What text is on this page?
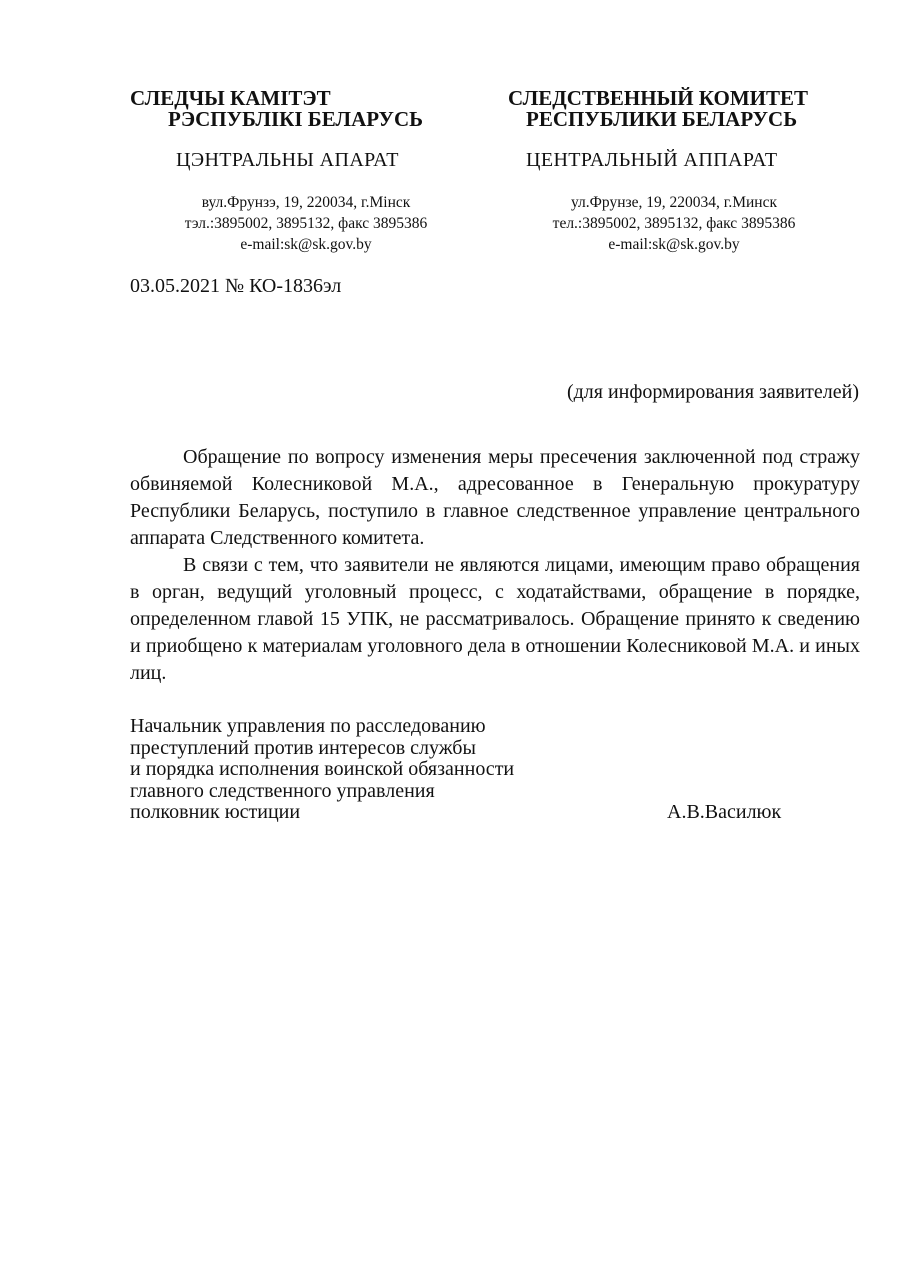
СЛЕДЧЫ КАМІТЭТ
РЭСПУБЛІКІ БЕЛАРУСЬ
ЦЭНТРАЛЬНЫ АПАРАТ
вул.Фрунзэ, 19, 220034, г.Мінск
тэл.:3895002, 3895132, факс 3895386
e-mail:sk@sk.gov.by
СЛЕДСТВЕННЫЙ КОМИТЕТ
РЕСПУБЛИКИ БЕЛАРУСЬ
ЦЕНТРАЛЬНЫЙ АППАРАТ
ул.Фрунзе, 19, 220034, г.Минск
тел.:3895002, 3895132, факс 3895386
e-mail:sk@sk.gov.by
03.05.2021 № КО-1836эл
(для информирования заявителей)

Обращение по вопросу изменения меры пресечения заключенной под стражу обвиняемой Колесниковой М.А., адресованное в Генеральную прокуратуру Республики Беларусь, поступило в главное следственное управление центрального аппарата Следственного комитета.

В связи с тем, что заявители не являются лицами, имеющим право обращения в орган, ведущий уголовный процесс, с ходатайствами, обращение в порядке, определенном главой 15 УПК, не рассматривалось. Обращение принято к сведению и приобщено к материалам уголовного дела в отношении Колесниковой М.А. и иных лиц.

Начальник управления по расследованию
преступлений против интересов службы
и порядка исполнения воинской обязанности
главного следственного управления
полковник юстиции	А.В.Василюк
